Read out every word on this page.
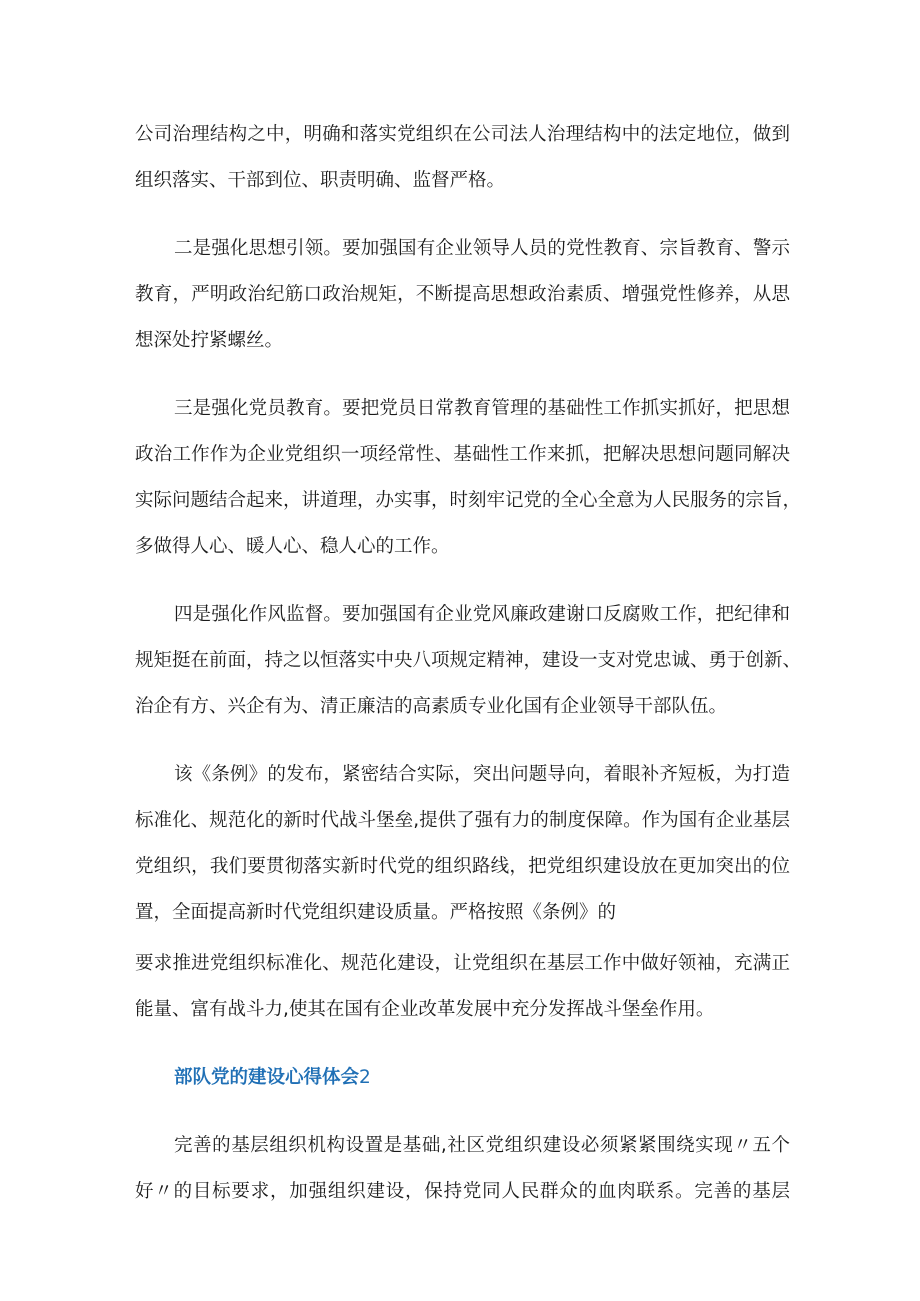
公司治理结构之中，明确和落实党组织在公司法人治理结构中的法定地位，做到
组织落实、干部到位、职责明确、监督严格。

二是强化思想引领。要加强国有企业领导人员的党性教育、宗旨教育、警示
教育，严明政治纪筋口政治规矩，不断提高思想政治素质、增强党性修养，从思
想深处拧紧螺丝。

三是强化党员教育。要把党员日常教育管理的基础性工作抓实抓好，把思想
政治工作作为企业党组织一项经常性、基础性工作来抓，把解决思想问题同解决
实际问题结合起来，讲道理，办实事，时刻牢记党的全心全意为人民服务的宗旨，
多做得人心、暖人心、稳人心的工作。

四是强化作风监督。要加强国有企业党风廉政建谢口反腐败工作，把纪律和
规矩挺在前面，持之以恒落实中央八项规定精神，建设一支对党忠诚、勇于创新、
治企有方、兴企有为、清正廉洁的高素质专业化国有企业领导干部队伍。

该《条例》的发布，紧密结合实际，突出问题导向，着眼补齐短板，为打造
标准化、规范化的新时代战斗堡垒,提供了强有力的制度保障。作为国有企业基层
党组织，我们要贯彻落实新时代党的组织路线，把党组织建设放在更加突出的位
置，全面提高新时代党组织建设质量。严格按照《条例》的

要求推进党组织标准化、规范化建设，让党组织在基层工作中做好领袖，充满正
能量、富有战斗力,使其在国有企业改革发展中充分发挥战斗堡垒作用。

部队党的建设心得体会2

完善的基层组织机构设置是基础,社区党组织建设必须紧紧围绕实现〃五个
好〃的目标要求，加强组织建设，保持党同人民群众的血肉联系。完善的基层
